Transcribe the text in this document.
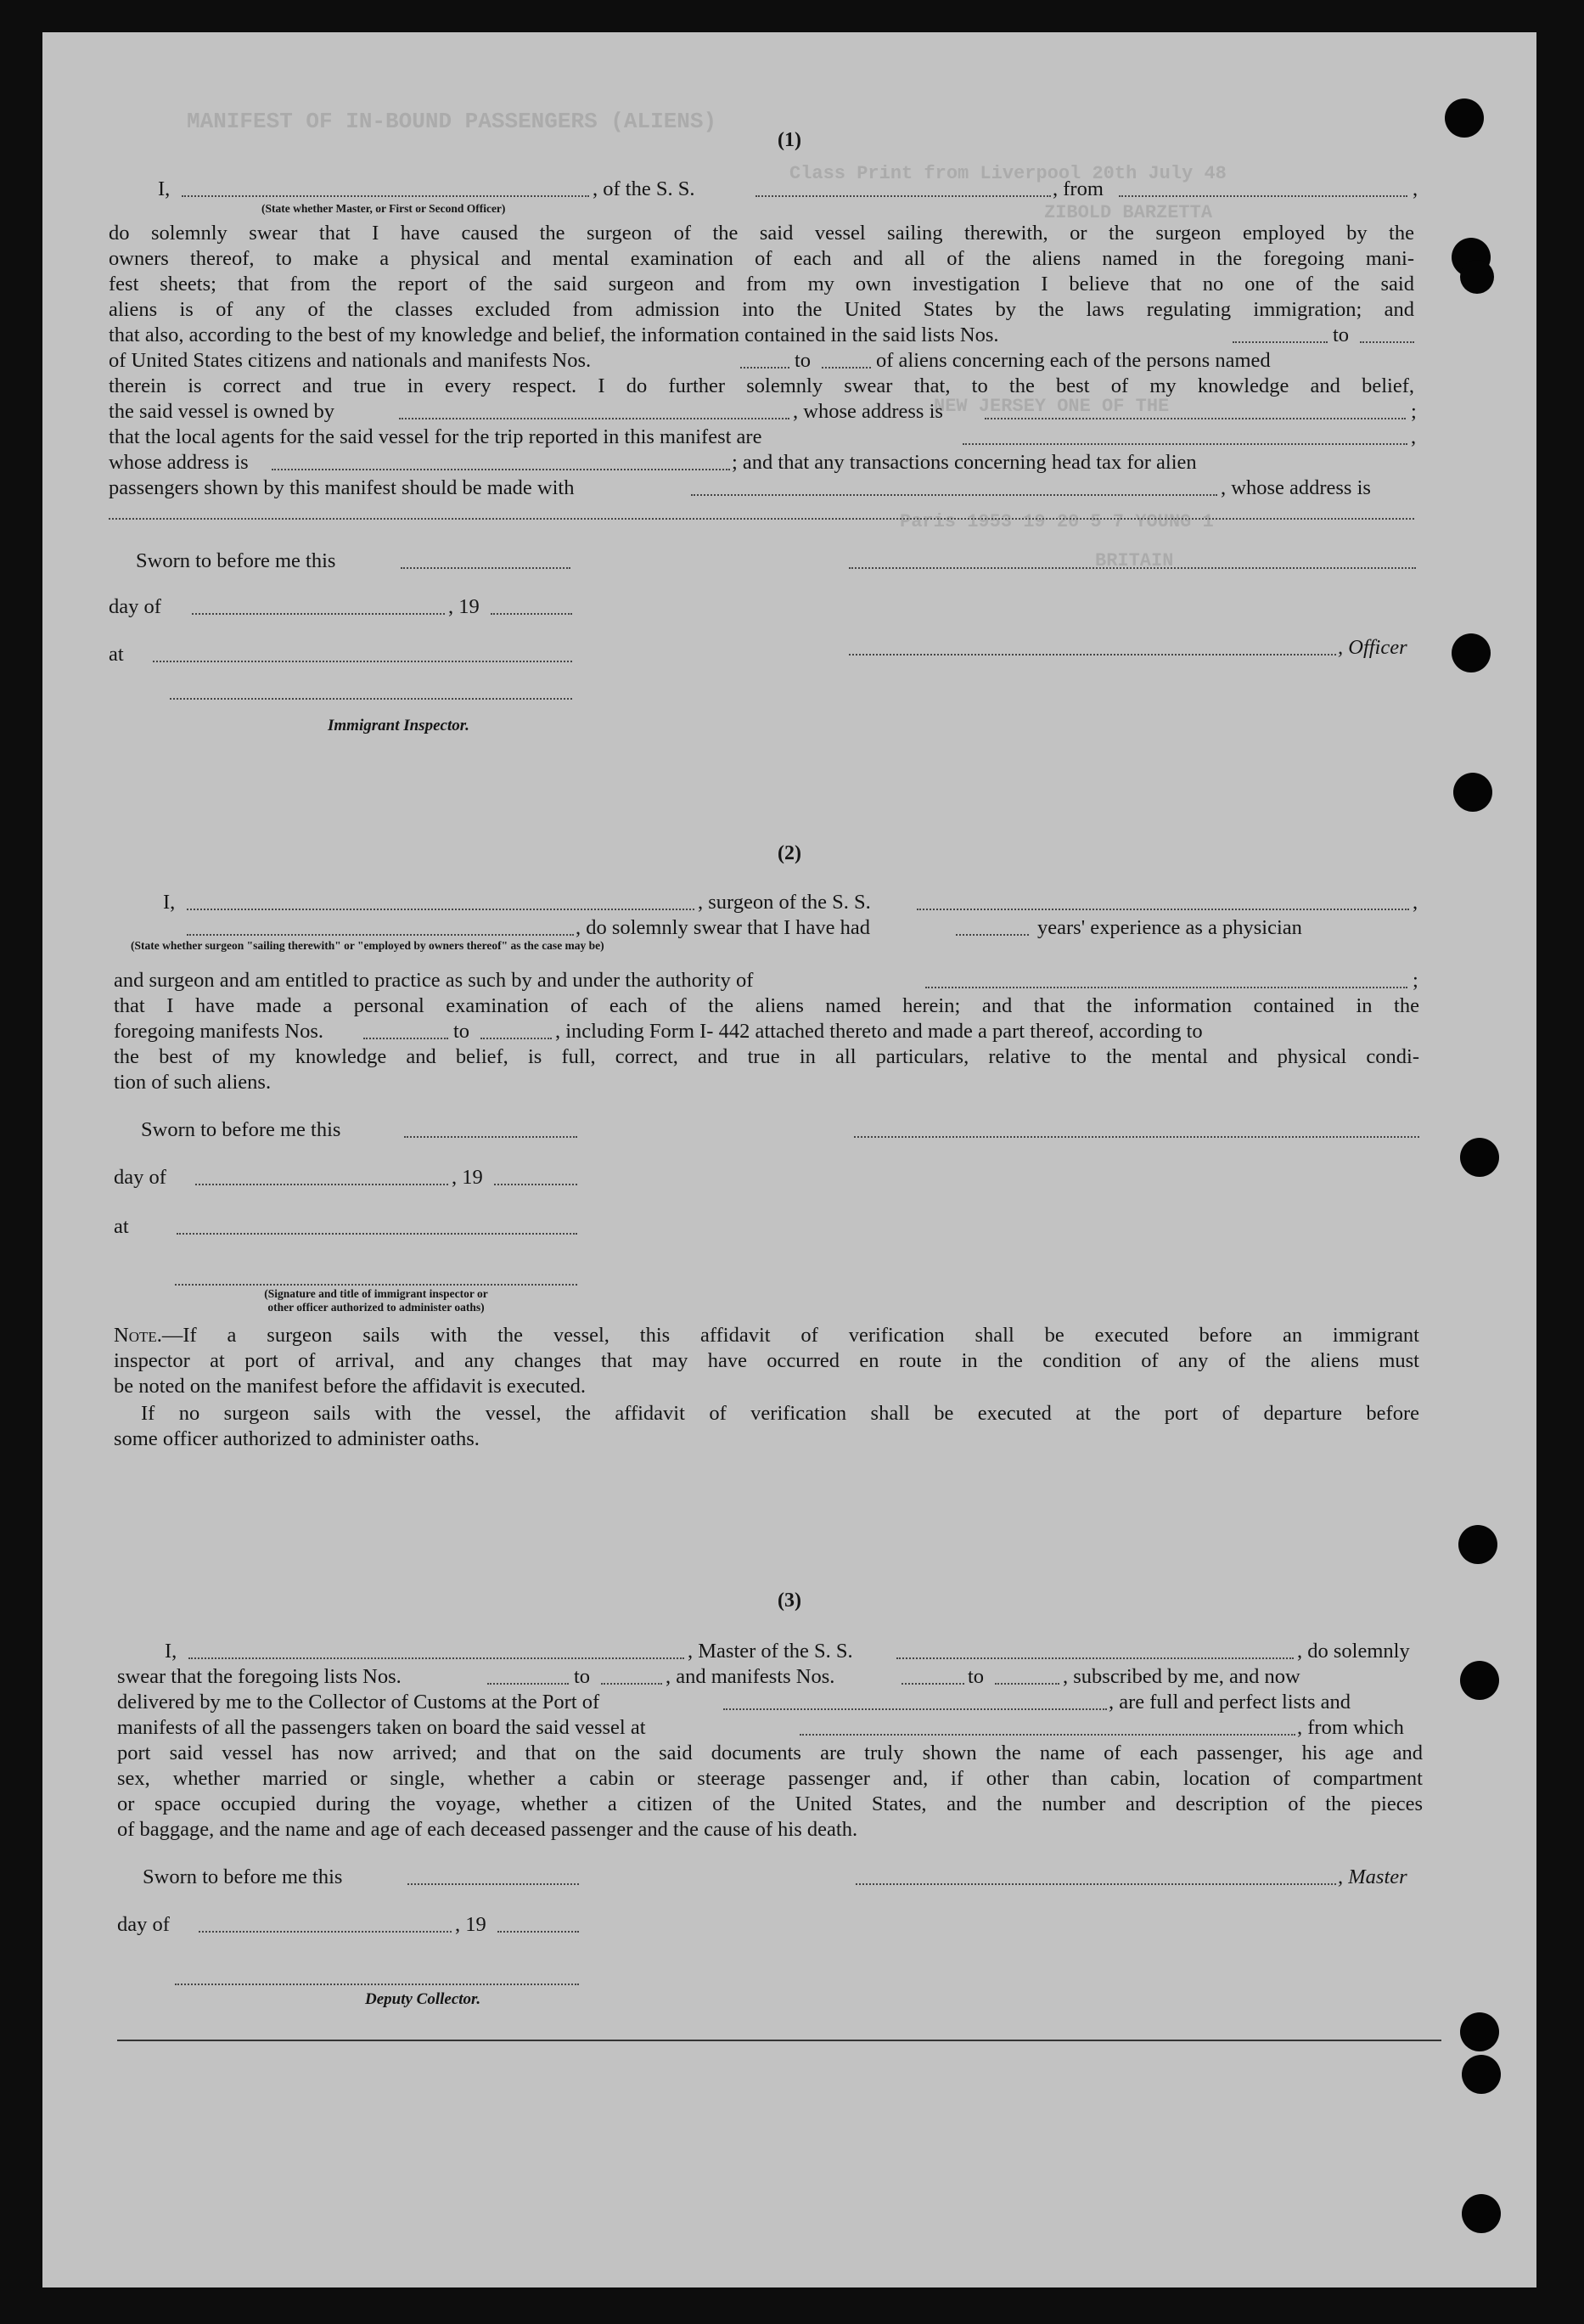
MANIFEST OF IN-BOUND PASSENGERS (ALIENS)
Class Print from Liverpool 20th July 48
ZIBOLD BARZETTA
NEW JERSEY ONE OF THE
Paris 1953 19 20 5 7 YOUNG 1
BRITAIN
(1)
I,	, of the S. S.	, from	,
(State whether Master, or First or Second Officer)
do solemnly swear that I have caused the surgeon of the said vessel sailing therewith, or the surgeon employed by the
owners thereof, to make a physical and mental examination of each and all of the aliens named in the foregoing mani-
fest sheets; that from the report of the said surgeon and from my own investigation I believe that no one of the said
aliens is of any of the classes excluded from admission into the United States by the laws regulating immigration; and
that also, according to the best of my knowledge and belief, the information contained in the said lists Nos.	to
of United States citizens and nationals and manifests Nos.	to	of aliens concerning each of the persons named
therein is correct and true in every respect. I do further solemnly swear that, to the best of my knowledge and belief,
the said vessel is owned by	, whose address is	;
that the local agents for the said vessel for the trip reported in this manifest are	,
whose address is	; and that any transactions concerning head tax for alien
passengers shown by this manifest should be made with	, whose address is
Sworn to before me this
day of	, 19
, Officer
at
Immigrant Inspector.
(2)
I,	, surgeon of the S. S.	,
, do solemnly swear that I have had	years' experience as a physician
(State whether surgeon "sailing therewith" or "employed by owners thereof" as the case may be)
and surgeon and am entitled to practice as such by and under the authority of	;
that I have made a personal examination of each of the aliens named herein; and that the information contained in the
foregoing manifests Nos.	to	, including Form I- 442 attached thereto and made a part thereof, according to
the best of my knowledge and belief, is full, correct, and true in all particulars, relative to the mental and physical condi-
tion of such aliens.
Sworn to before me this
day of	, 19
at
(Signature and title of immigrant inspector or
other officer authorized to administer oaths)
Note.—If a surgeon sails with the vessel, this affidavit of verification shall be executed before an immigrant
inspector at port of arrival, and any changes that may have occurred en route in the condition of any of the aliens must
be noted on the manifest before the affidavit is executed.
If no surgeon sails with the vessel, the affidavit of verification shall be executed at the port of departure before
some officer authorized to administer oaths.
(3)
I,	, Master of the S. S.	, do solemnly
swear that the foregoing lists Nos.	to	, and manifests Nos.	to	, subscribed by me, and now
delivered by me to the Collector of Customs at the Port of	, are full and perfect lists and
manifests of all the passengers taken on board the said vessel at	, from which
port said vessel has now arrived; and that on the said documents are truly shown the name of each passenger, his age and
sex, whether married or single, whether a cabin or steerage passenger and, if other than cabin, location of compartment
or space occupied during the voyage, whether a citizen of the United States, and the number and description of the pieces
of baggage, and the name and age of each deceased passenger and the cause of his death.
Sworn to before me this	, Master
day of	, 19
Deputy Collector.
